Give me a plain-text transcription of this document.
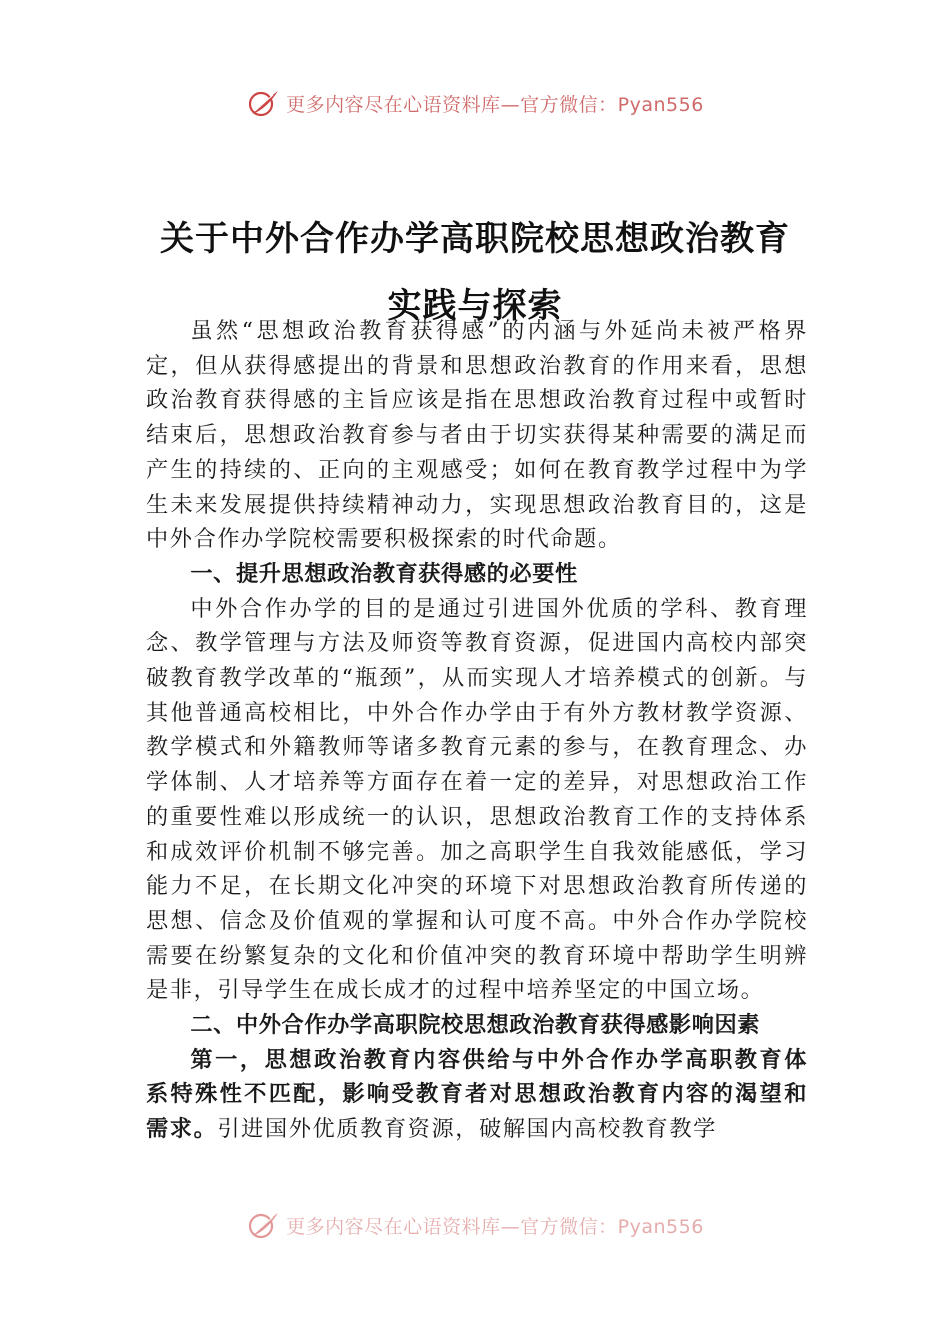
更多内容尽在心语资料库—官方微信：Pyan556
关于中外合作办学高职院校思想政治教育
实践与探索

虽然“思想政治教育获得感”的内涵与外延尚未被严格界定，但从获得感提出的背景和思想政治教育的作用来看，思想政治教育获得感的主旨应该是指在思想政治教育过程中或暂时结束后，思想政治教育参与者由于切实获得某种需要的满足而产生的持续的、正向的主观感受；如何在教育教学过程中为学生未来发展提供持续精神动力，实现思想政治教育目的，这是中外合作办学院校需要积极探索的时代命题。

一、提升思想政治教育获得感的必要性

中外合作办学的目的是通过引进国外优质的学科、教育理念、教学管理与方法及师资等教育资源，促进国内高校内部突破教育教学改革的“瓶颈”，从而实现人才培养模式的创新。与其他普通高校相比，中外合作办学由于有外方教材教学资源、教学模式和外籍教师等诸多教育元素的参与，在教育理念、办学体制、人才培养等方面存在着一定的差异，对思想政治工作的重要性难以形成统一的认识，思想政治教育工作的支持体系和成效评价机制不够完善。加之高职学生自我效能感低，学习能力不足，在长期文化冲突的环境下对思想政治教育所传递的思想、信念及价值观的掌握和认可度不高。中外合作办学院校需要在纷繁复杂的文化和价值冲突的教育环境中帮助学生明辨是非，引导学生在成长成才的过程中培养坚定的中国立场。

二、中外合作办学高职院校思想政治教育获得感影响因素

第一，思想政治教育内容供给与中外合作办学高职教育体系特殊性不匹配，影响受教育者对思想政治教育内容的渴望和需求。引进国外优质教育资源，破解国内高校教育教学

更多内容尽在心语资料库—官方微信：Pyan556
